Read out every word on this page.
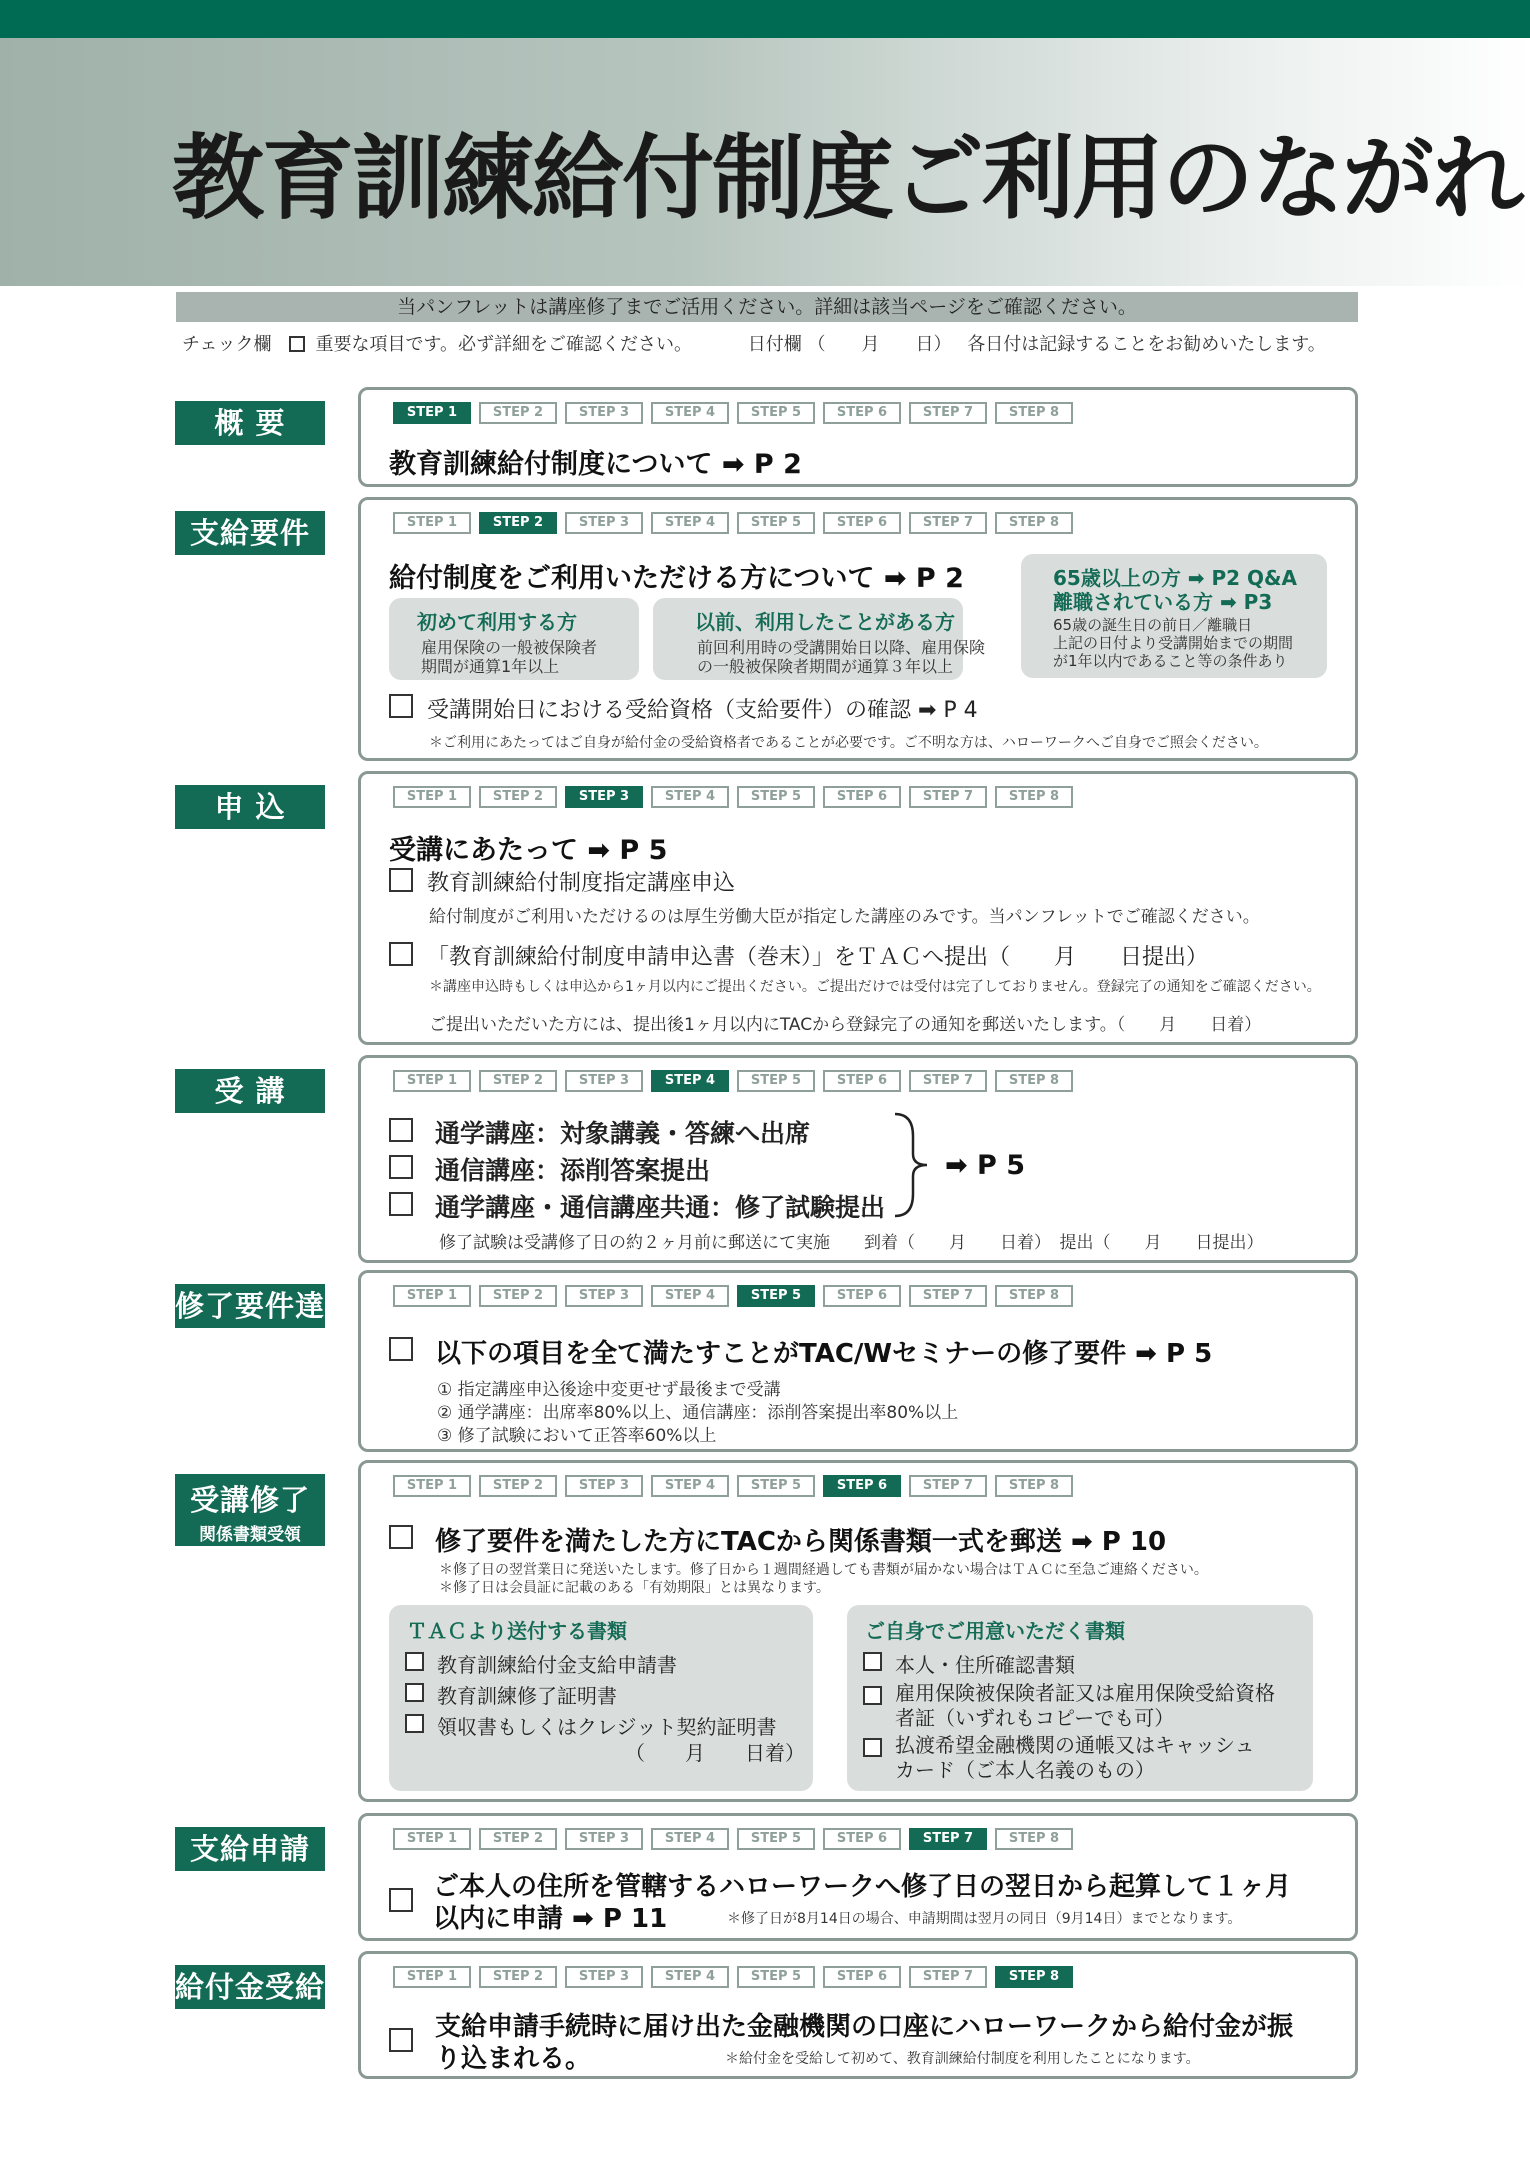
教育訓練給付制度ご利用のながれ
当パンフレットは講座修了までご活用ください。詳細は該当ページをご確認ください。
チェック欄 重要な項目です。必ず詳細をご確認ください。	日付欄 （　　月　　日） 各日付は記録することをお勧めいたします。
概 要	STEP 1	STEP 2	STEP 3	STEP 4	STEP 5	STEP 6	STEP 7	STEP 8
教育訓練給付制度について ➡ P 2
支給要件	STEP 1	STEP 2	STEP 3	STEP 4	STEP 5	STEP 6	STEP 7	STEP 8
給付制度をご利用いただける方について ➡ P 2
初めて利用する方
雇用保険の一般被保険者
期間が通算1年以上
以前、利用したことがある方
前回利用時の受講開始日以降、雇用保険
の一般被保険者期間が通算３年以上
65歳以上の方 ➡ P2 Q&A
離職されている方 ➡ P3
65歳の誕生日の前日／離職日
上記の日付より受講開始までの期間
が1年以内であること等の条件あり
受講開始日における受給資格（支給要件）の確認 ➡ P 4
＊ご利用にあたってはご自身が給付金の受給資格者であることが必要です。ご不明な方は、ハローワークへご自身でご照会ください。
申 込	STEP 1	STEP 2	STEP 3	STEP 4	STEP 5	STEP 6	STEP 7	STEP 8
受講にあたって ➡ P 5
教育訓練給付制度指定講座申込
給付制度がご利用いただけるのは厚生労働大臣が指定した講座のみです。当パンフレットでご確認ください。
「教育訓練給付制度申請申込書（巻末）」をＴＡＣへ提出（　　月　　日提出）
＊講座申込時もしくは申込から1ヶ月以内にご提出ください。ご提出だけでは受付は完了しておりません。登録完了の通知をご確認ください。
ご提出いただいた方には、提出後1ヶ月以内にTACから登録完了の通知を郵送いたします。（　　月　　日着）
受 講	STEP 1	STEP 2	STEP 3	STEP 4	STEP 5	STEP 6	STEP 7	STEP 8
通学講座：対象講義・答練へ出席
通信講座：添削答案提出
通学講座・通信講座共通：修了試験提出
➡ P 5
修了試験は受講修了日の約２ヶ月前に郵送にて実施　　到着（　　月　　日着）　提出（　　月　　日提出）
修了要件達成
STEP 1	STEP 2	STEP 3	STEP 4	STEP 5	STEP 6	STEP 7	STEP 8
以下の項目を全て満たすことがTAC/Wセミナーの修了要件 ➡ P 5
① 指定講座申込後途中変更せず最後まで受講
② 通学講座：出席率80%以上、通信講座：添削答案提出率80%以上
③ 修了試験において正答率60%以上
受講修了
関係書類受領
STEP 1	STEP 2	STEP 3	STEP 4	STEP 5	STEP 6	STEP 7	STEP 8
修了要件を満たした方にTACから関係書類一式を郵送 ➡ P 10
＊修了日の翌営業日に発送いたします。修了日から１週間経過しても書類が届かない場合はＴＡＣに至急ご連絡ください。
＊修了日は会員証に記載のある「有効期限」とは異なります。
ＴＡＣより送付する書類
教育訓練給付金支給申請書
教育訓練修了証明書
領収書もしくはクレジット契約証明書
（　　月　　日着）
ご自身でご用意いただく書類
本人・住所確認書類
雇用保険被保険者証又は雇用保険受給資格
者証（いずれもコピーでも可）
払渡希望金融機関の通帳又はキャッシュ
カード（ご本人名義のもの）
支給申請	STEP 1	STEP 2	STEP 3	STEP 4	STEP 5	STEP 6	STEP 7	STEP 8
ご本人の住所を管轄するハローワークへ修了日の翌日から起算して１ヶ月
以内に申請 ➡ P 11	＊修了日が8月14日の場合、申請期間は翌月の同日（9月14日）までとなります。
給付金受給	STEP 1	STEP 2	STEP 3	STEP 4	STEP 5	STEP 6	STEP 7	STEP 8
支給申請手続時に届け出た金融機関の口座にハローワークから給付金が振
り込まれる。	＊給付金を受給して初めて、教育訓練給付制度を利用したことになります。
